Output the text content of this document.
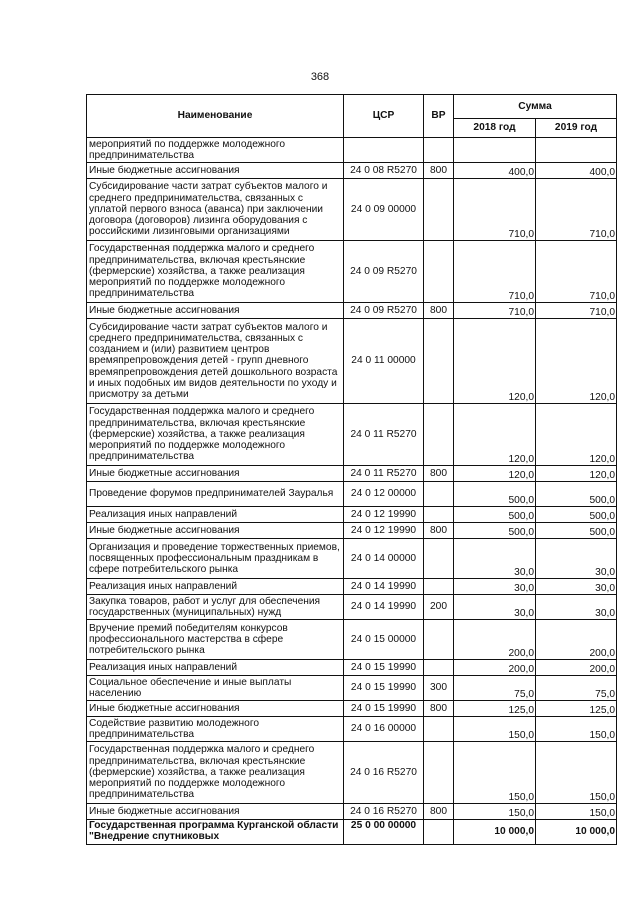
368
Наименование	ЦСР	ВР	Сумма	
			2018 год	2019 год
мероприятий по поддержке молодежного предпринимательства				
Иные бюджетные ассигнования	24 0 08 R5270	800	400,0	400,0
Субсидирование части затрат субъектов малого и среднего предпринимательства, связанных с уплатой первого взноса (аванса) при заключении договора (договоров) лизинга оборудования с российскими лизинговыми организациями	24 0 09 00000		710,0	710,0
Государственная поддержка малого и среднего предпринимательства, включая крестьянские (фермерские) хозяйства, а также реализация мероприятий по поддержке молодежного предпринимательства	24 0 09 R5270		710,0	710,0
Иные бюджетные ассигнования	24 0 09 R5270	800	710,0	710,0
Субсидирование части затрат субъектов малого и среднего предпринимательства, связанных с созданием и (или) развитием центров времяпрепровождения детей - групп дневного времяпрепровождения детей дошкольного возраста и иных подобных им видов деятельности по уходу и присмотру за детьми	24 0 11 00000		120,0	120,0
Государственная поддержка малого и среднего предпринимательства, включая крестьянские (фермерские) хозяйства, а также реализация мероприятий по поддержке молодежного предпринимательства	24 0 11 R5270		120,0	120,0
Иные бюджетные ассигнования	24 0 11 R5270	800	120,0	120,0
Проведение форумов предпринимателей Зауралья	24 0 12 00000		500,0	500,0
Реализация иных направлений	24 0 12 19990		500,0	500,0
Иные бюджетные ассигнования	24 0 12 19990	800	500,0	500,0
Организация и проведение торжественных приемов, посвященных профессиональным праздникам в сфере потребительского рынка	24 0 14 00000		30,0	30,0
Реализация иных направлений	24 0 14 19990		30,0	30,0
Закупка товаров, работ и услуг для обеспечения государственных (муниципальных) нужд	24 0 14 19990	200	30,0	30,0
Вручение премий победителям конкурсов профессионального мастерства в сфере потребительского рынка	24 0 15 00000		200,0	200,0
Реализация иных направлений	24 0 15 19990		200,0	200,0
Социальное обеспечение и иные выплаты населению	24 0 15 19990	300	75,0	75,0
Иные бюджетные ассигнования	24 0 15 19990	800	125,0	125,0
Содействие развитию молодежного предпринимательства	24 0 16 00000		150,0	150,0
Государственная поддержка малого и среднего предпринимательства, включая крестьянские (фермерские) хозяйства, а также реализация мероприятий по поддержке молодежного предпринимательства	24 0 16 R5270		150,0	150,0
Иные бюджетные ассигнования	24 0 16 R5270	800	150,0	150,0
Государственная программа Курганской области "Внедрение спутниковых	25 0 00 00000		10 000,0	10 000,0
